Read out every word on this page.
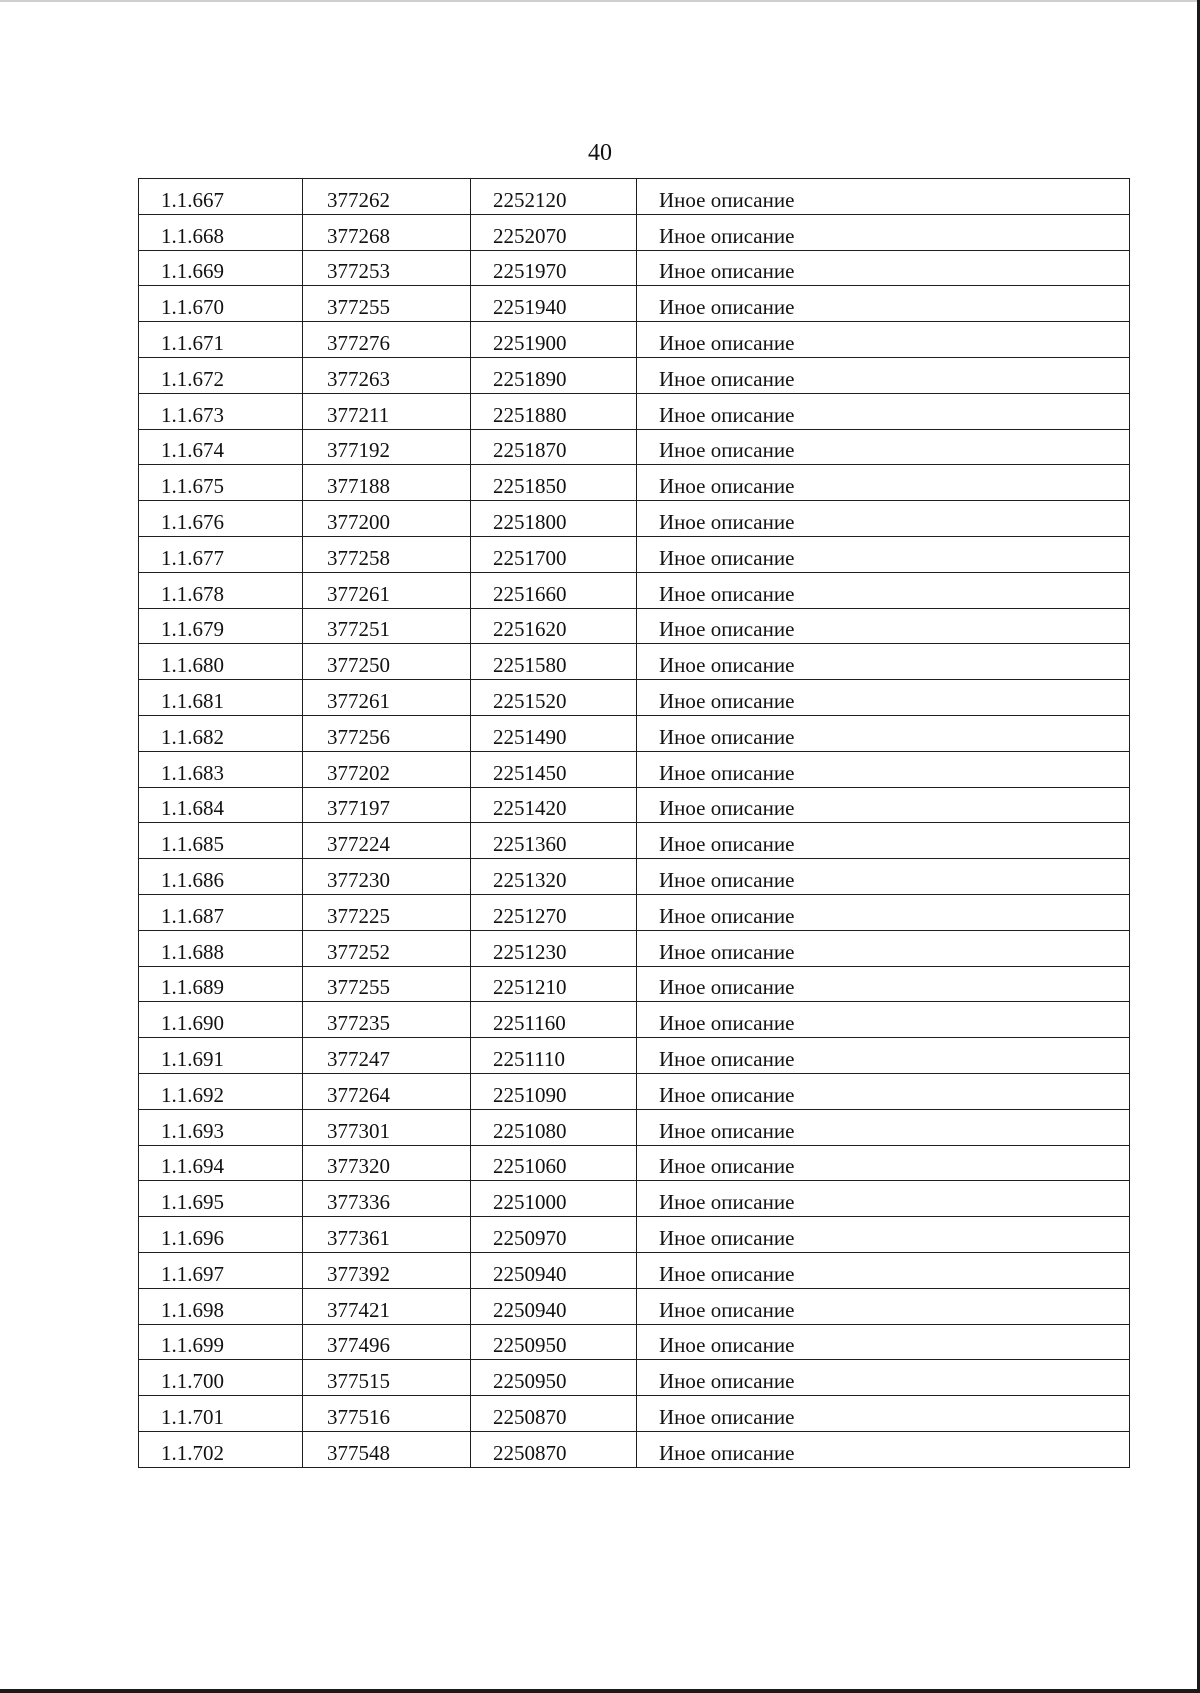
40
1.1.667	377262	2252120	Иное описание
1.1.668	377268	2252070	Иное описание
1.1.669	377253	2251970	Иное описание
1.1.670	377255	2251940	Иное описание
1.1.671	377276	2251900	Иное описание
1.1.672	377263	2251890	Иное описание
1.1.673	377211	2251880	Иное описание
1.1.674	377192	2251870	Иное описание
1.1.675	377188	2251850	Иное описание
1.1.676	377200	2251800	Иное описание
1.1.677	377258	2251700	Иное описание
1.1.678	377261	2251660	Иное описание
1.1.679	377251	2251620	Иное описание
1.1.680	377250	2251580	Иное описание
1.1.681	377261	2251520	Иное описание
1.1.682	377256	2251490	Иное описание
1.1.683	377202	2251450	Иное описание
1.1.684	377197	2251420	Иное описание
1.1.685	377224	2251360	Иное описание
1.1.686	377230	2251320	Иное описание
1.1.687	377225	2251270	Иное описание
1.1.688	377252	2251230	Иное описание
1.1.689	377255	2251210	Иное описание
1.1.690	377235	2251160	Иное описание
1.1.691	377247	2251110	Иное описание
1.1.692	377264	2251090	Иное описание
1.1.693	377301	2251080	Иное описание
1.1.694	377320	2251060	Иное описание
1.1.695	377336	2251000	Иное описание
1.1.696	377361	2250970	Иное описание
1.1.697	377392	2250940	Иное описание
1.1.698	377421	2250940	Иное описание
1.1.699	377496	2250950	Иное описание
1.1.700	377515	2250950	Иное описание
1.1.701	377516	2250870	Иное описание
1.1.702	377548	2250870	Иное описание
